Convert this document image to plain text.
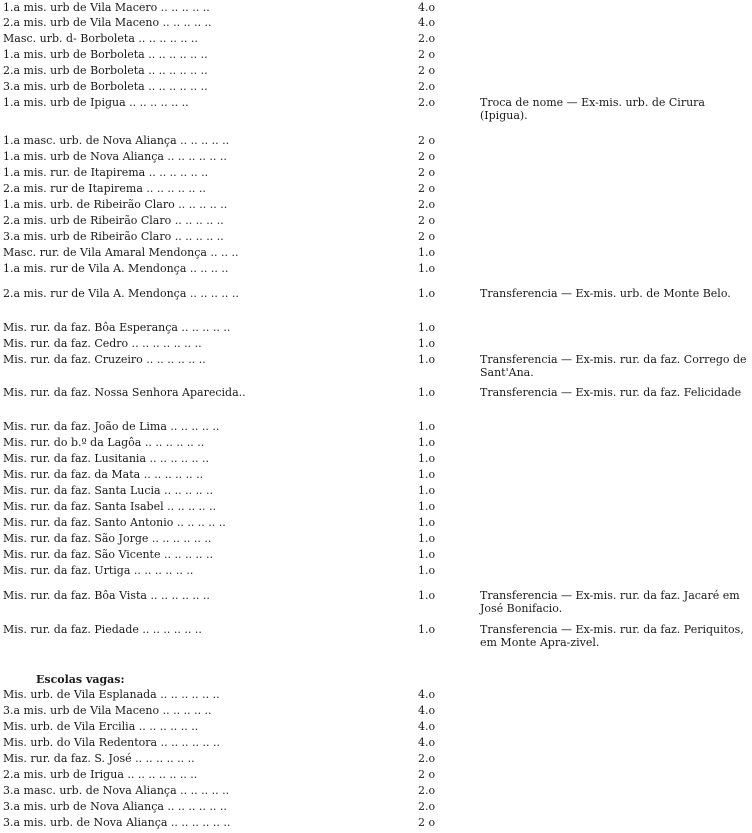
1.a mis. urb de Vila Macero .. .. .. .. ..	4.o
2.a mis. urb de Vila Maceno .. .. .. .. ..	4.o
Masc. urb. d- Borboleta .. .. .. .. .. ..	2.o
1.a mis. urb de Borboleta .. .. .. .. .. ..	2 o
2.a mis. urb de Borboleta .. .. .. .. .. ..	2 o
3.a mis. urb de Borboleta .. .. .. .. .. ..	2.o
1.a mis. urb de Ipigua .. .. .. .. .. ..	2.o	Troca de nome — Ex-mis. urb. de Cirura (Ipigua).
1.a masc. urb. de Nova Aliança .. .. .. .. ..	2 o
1.a mis. urb de Nova Aliança .. .. .. .. .. ..	2 o
1.a mis. rur. de Itapirema .. .. .. .. .. ..	2 o
2.a mis. rur de Itapirema .. .. .. .. .. ..	2 o
1.a mis. urb. de Ribeirão Claro .. .. .. .. ..	2.o
2.a mis. urb de Ribeirão Claro .. .. .. .. ..	2 o
3.a mis. urb de Ribeirão Claro .. .. .. .. ..	2 o
Masc. rur. de Vila Amaral Mendonça .. .. ..	1.o
1.a mis. rur de Vila A. Mendonça .. .. .. ..	1.o
2.a mis. rur de Vila A. Mendonça .. .. .. .. ..	1.o	Transferencia — Ex-mis. urb. de Monte Belo.
Mis. rur. da faz. Bôa Esperança .. .. .. .. ..	1.o
Mis. rur. da faz. Cedro .. .. .. .. .. .. ..	1.o
Mis. rur. da faz. Cruzeiro .. .. .. .. .. ..	1.o	Transferencia — Ex-mis. rur. da faz. Corrego de Sant'Ana.
Mis. rur. da faz. Nossa Senhora Aparecida..	1.o	Transferencia — Ex-mis. rur. da faz. Felicidade
Mis. rur. da faz. João de Lima .. .. .. .. ..	1.o
Mis. rur. do b.º da Lagôa .. .. .. .. .. ..	1.o
Mis. rur. da faz. Lusitania .. .. .. .. .. ..	1.o
Mis. rur. da faz. da Mata .. .. .. .. .. ..	1.o
Mis. rur. da faz. Santa Lucia .. .. .. .. ..	1.o
Mis. rur. da faz. Santa Isabel .. .. .. .. ..	1.o
Mis. rur. da faz. Santo Antonio .. .. .. .. ..	1.o
Mis. rur. da faz. São Jorge .. .. .. .. .. ..	1.o
Mis. rur. da faz. São Vicente .. .. .. .. ..	1.o
Mis. rur. da faz. Urtiga .. .. .. .. .. ..	1.o
Mis. rur. da faz. Bôa Vista .. .. .. .. .. ..	1.o	Transferencia — Ex-mis. rur. da faz. Jacaré em José Bonifacio.
Mis. rur. da faz. Piedade .. .. .. .. .. ..	1.o	Transferencia — Ex-mis. rur. da faz. Periquitos, em Monte Apra-zivel.
Escolas vagas:
Mis. urb. de Vila Esplanada .. .. .. .. .. ..	4.o
3.a mis. urb de Vila Maceno .. .. .. .. ..	4.o
Mis. urb. de Vila Ercilia .. .. .. .. .. ..	4.o
Mis. urb. do Vila Redentora .. .. .. .. .. ..	4.o
Mis. rur. da faz. S. José .. .. .. .. .. ..	2.o
2.a mis. urb de Irigua .. .. .. .. .. .. ..	2 o
3.a masc. urb. de Nova Aliança .. .. .. .. ..	2.o
3.a mis. urb de Nova Aliança .. .. .. .. .. ..	2.o
3.a mis. urb. de Nova Aliança .. .. .. .. .. ..	2 o
